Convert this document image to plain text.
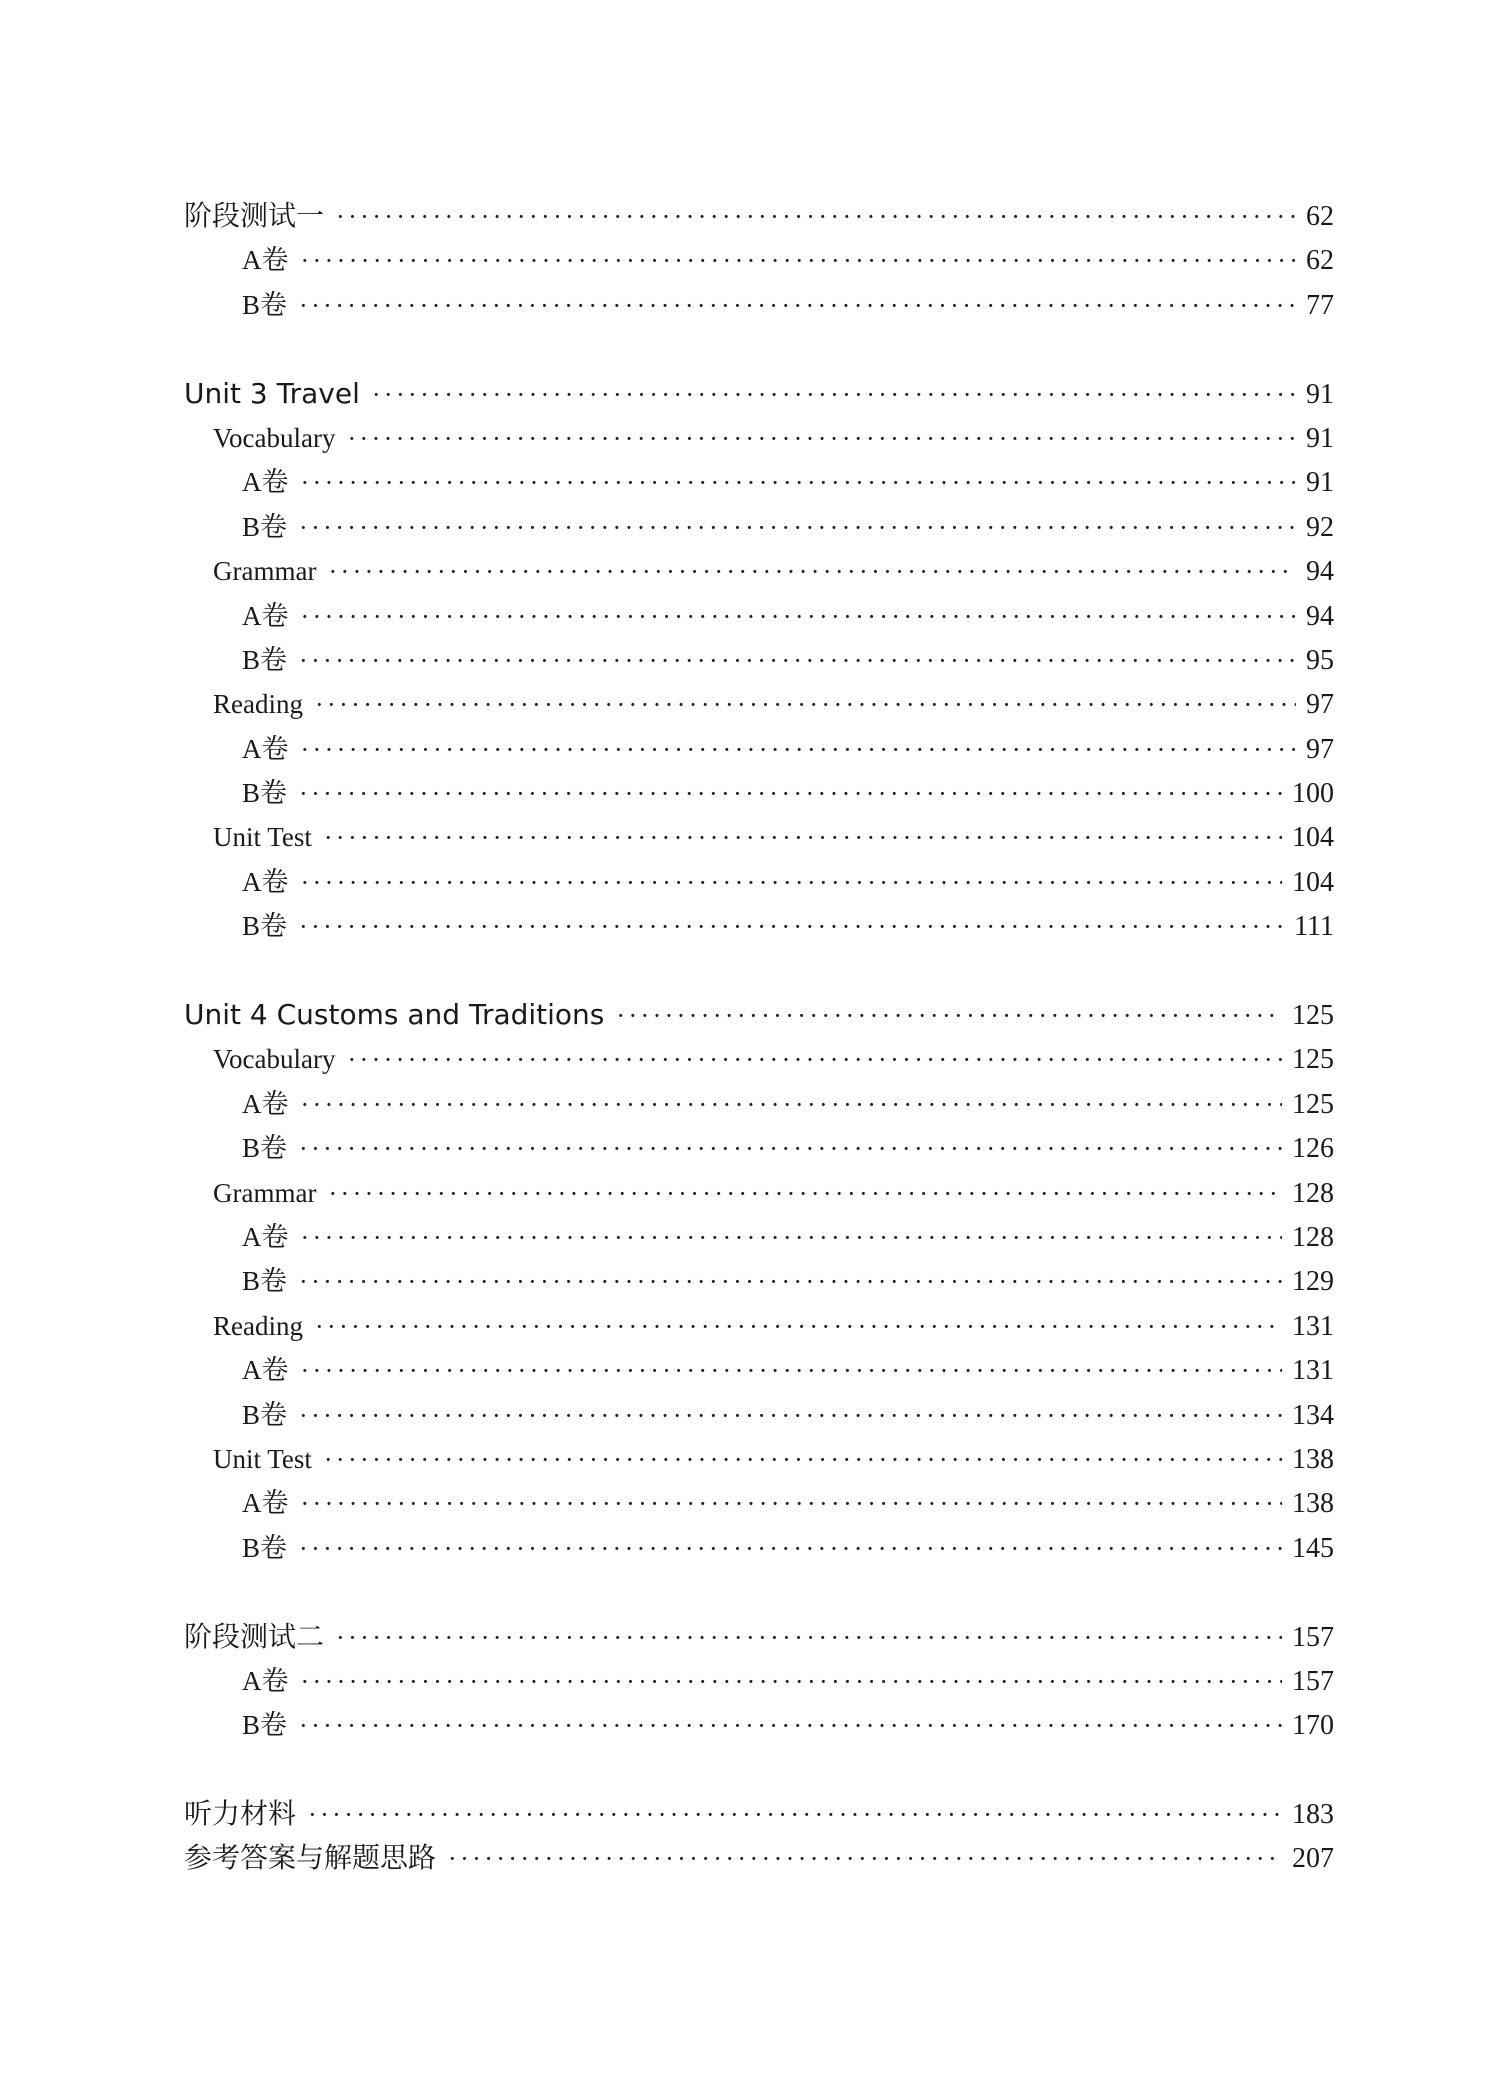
阶段测试一 ·····	62
A卷 ·····	62
B卷 ·····	77
Unit 3 Travel ·····	91
Vocabulary ·····	91
A卷 ·····	91
B卷 ·····	92
Grammar ·····	94
A卷 ·····	94
B卷 ·····	95
Reading ·····	97
A卷 ·····	97
B卷 ·····	100
Unit Test ·····	104
A卷 ·····	104
B卷 ·····	111
Unit 4 Customs and Traditions ·····	125
Vocabulary ·····	125
A卷 ·····	125
B卷 ·····	126
Grammar ·····	128
A卷 ·····	128
B卷 ·····	129
Reading ·····	131
A卷 ·····	131
B卷 ·····	134
Unit Test ·····	138
A卷 ·····	138
B卷 ·····	145
阶段测试二 ·····	157
A卷 ·····	157
B卷 ·····	170
听力材料 ·····	183
参考答案与解题思路 ·····	207
